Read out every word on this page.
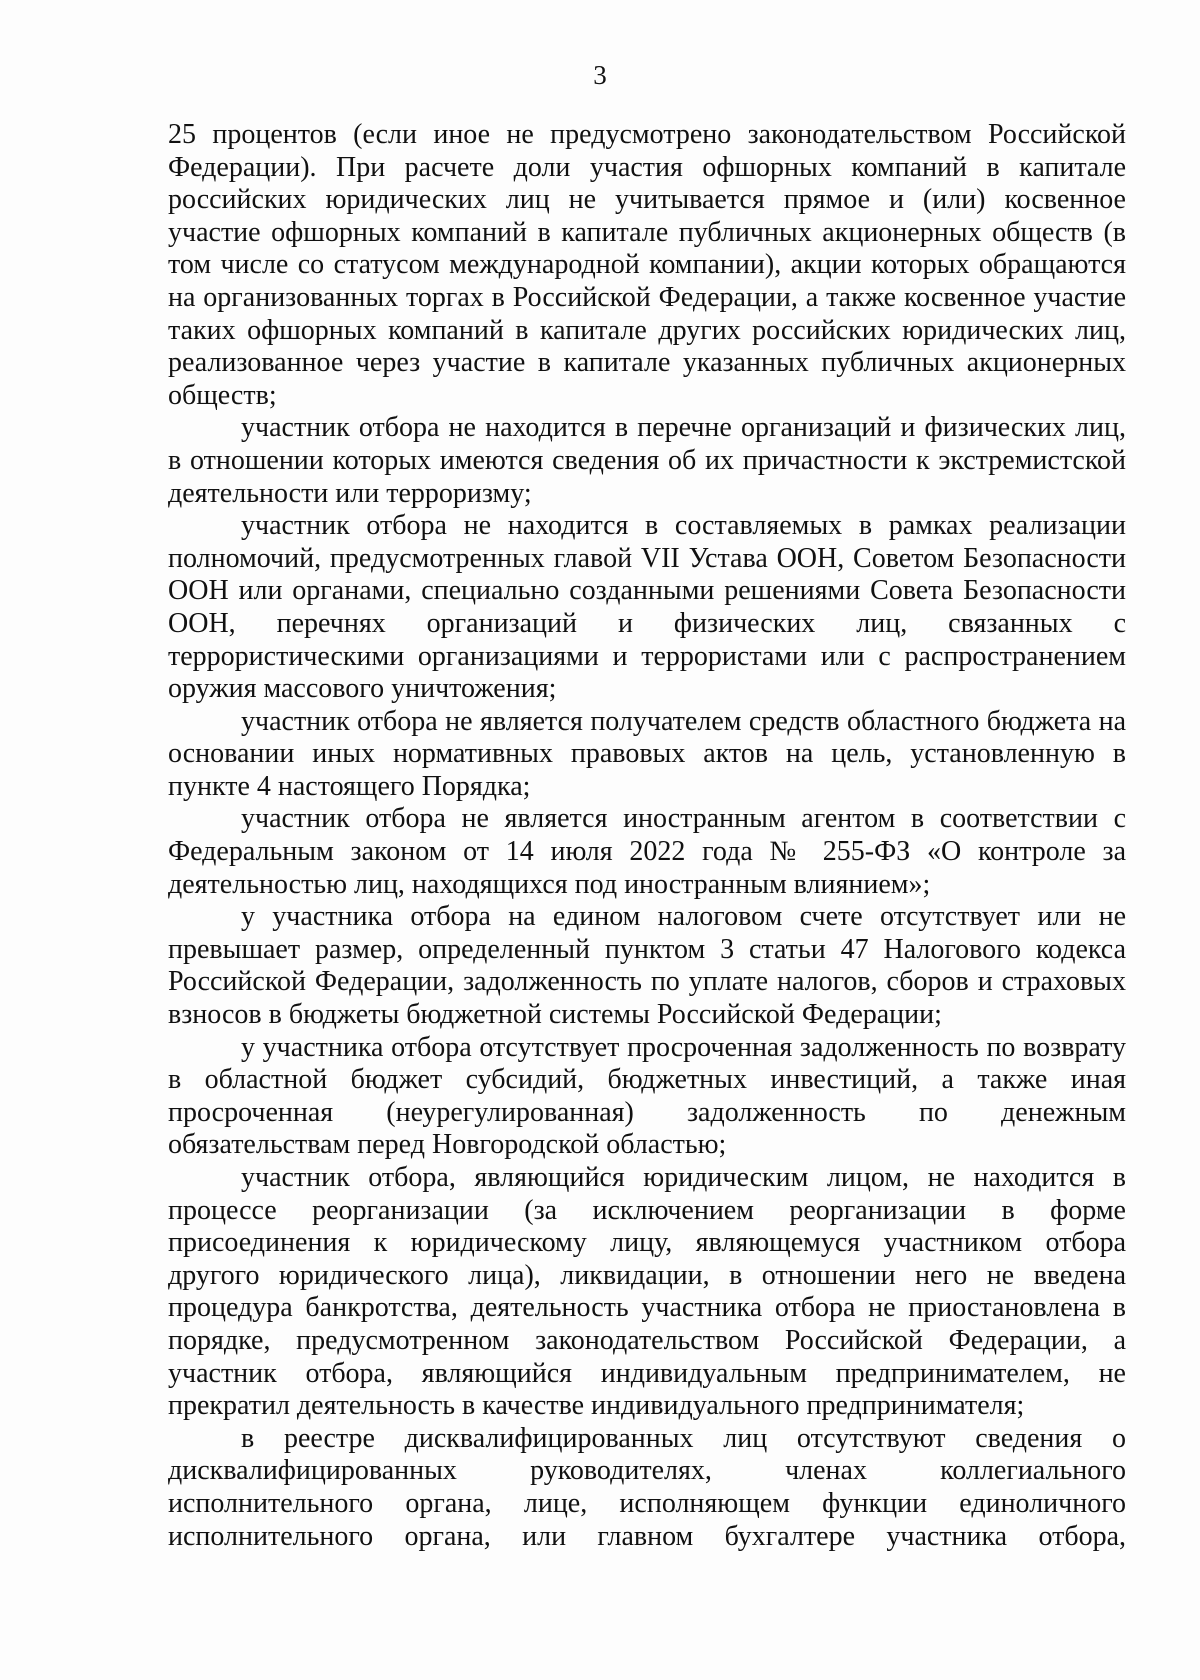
3

25 процентов (если иное не предусмотрено законодательством Российской Федерации). При расчете доли участия офшорных компаний в капитале российских юридических лиц не учитывается прямое и (или) косвенное участие офшорных компаний в капитале публичных акционерных обществ (в том числе со статусом международной компании), акции которых обращаются на организованных торгах в Российской Федерации, а также косвенное участие таких офшорных компаний в капитале других российских юридических лиц, реализованное через участие в капитале указанных публичных акционерных обществ;

участник отбора не находится в перечне организаций и физических лиц, в отношении которых имеются сведения об их причастности к экстремистской деятельности или терроризму;

участник отбора не находится в составляемых в рамках реализации полномочий, предусмотренных главой VII Устава ООН, Советом Безопасности ООН или органами, специально созданными решениями Совета Безопасности ООН, перечнях организаций и физических лиц, связанных с террористическими организациями и террористами или с распространением оружия массового уничтожения;

участник отбора не является получателем средств областного бюджета на основании иных нормативных правовых актов на цель, установленную в пункте 4 настоящего Порядка;

участник отбора не является иностранным агентом в соответствии с Федеральным законом от 14 июля 2022 года № 255-ФЗ «О контроле за деятельностью лиц, находящихся под иностранным влиянием»;

у участника отбора на едином налоговом счете отсутствует или не превышает размер, определенный пунктом 3 статьи 47 Налогового кодекса Российской Федерации, задолженность по уплате налогов, сборов и страховых взносов в бюджеты бюджетной системы Российской Федерации;

у участника отбора отсутствует просроченная задолженность по возврату в областной бюджет субсидий, бюджетных инвестиций, а также иная просроченная (неурегулированная) задолженность по денежным обязательствам перед Новгородской областью;

участник отбора, являющийся юридическим лицом, не находится в процессе реорганизации (за исключением реорганизации в форме присоединения к юридическому лицу, являющемуся участником отбора другого юридического лица), ликвидации, в отношении него не введена процедура банкротства, деятельность участника отбора не приостановлена в порядке, предусмотренном законодательством Российской Федерации, а участник отбора, являющийся индивидуальным предпринимателем, не прекратил деятельность в качестве индивидуального предпринимателя;

в реестре дисквалифицированных лиц отсутствуют сведения о дисквалифицированных руководителях, членах коллегиального исполнительного органа, лице, исполняющем функции единоличного исполнительного органа, или главном бухгалтере участника отбора,
